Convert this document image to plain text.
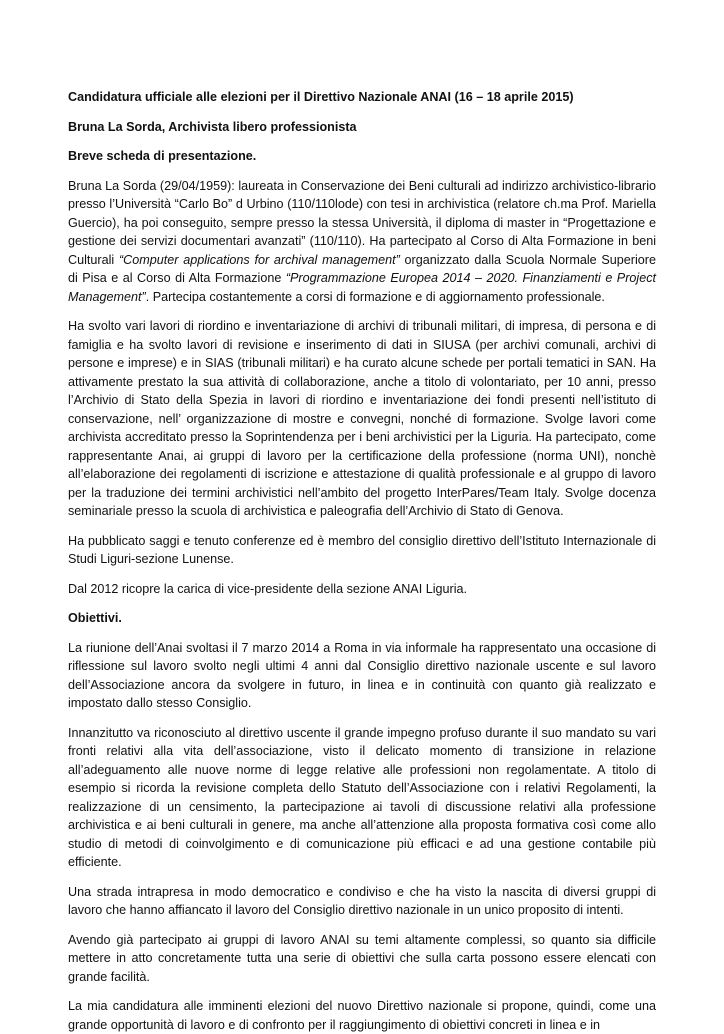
Candidatura ufficiale alle elezioni per il Direttivo Nazionale ANAI (16 – 18 aprile 2015)

Bruna La Sorda, Archivista libero professionista

Breve scheda di presentazione.

Bruna La Sorda (29/04/1959): laureata in Conservazione dei Beni culturali ad indirizzo archivistico-librario presso l’Università “Carlo Bo” d Urbino (110/110lode) con tesi in archivistica (relatore ch.ma Prof. Mariella Guercio), ha poi conseguito, sempre presso la stessa Università, il diploma di master in “Progettazione e gestione dei servizi documentari avanzati” (110/110). Ha partecipato al Corso di Alta Formazione in beni Culturali “Computer applications for archival management” organizzato dalla Scuola Normale Superiore di Pisa e al Corso di Alta Formazione “Programmazione Europea 2014 – 2020. Finanziamenti e Project Management”. Partecipa costantemente a corsi di formazione e di aggiornamento professionale.

Ha svolto vari lavori di riordino e inventariazione di archivi di tribunali militari, di impresa, di persona e di famiglia e ha svolto lavori di revisione e inserimento di dati in SIUSA (per archivi comunali, archivi di persone e imprese) e in SIAS (tribunali militari) e ha curato alcune schede per portali tematici in SAN. Ha attivamente prestato la sua attività di collaborazione, anche a titolo di volontariato, per 10 anni, presso l’Archivio di Stato della Spezia in lavori di riordino e inventariazione dei fondi presenti nell’istituto di conservazione, nell’ organizzazione di mostre e convegni, nonché di formazione. Svolge lavori come archivista accreditato presso la Soprintendenza per i beni archivistici per la Liguria. Ha partecipato, come rappresentante Anai, ai gruppi di lavoro per la certificazione della professione (norma UNI), nonchè all’elaborazione dei regolamenti di iscrizione e attestazione di qualità professionale e al gruppo di lavoro per la traduzione dei termini archivistici nell’ambito del progetto InterPares/Team Italy. Svolge docenza seminariale presso la scuola di archivistica e paleografia dell’Archivio di Stato di Genova.

Ha pubblicato saggi e tenuto conferenze ed è membro del consiglio direttivo dell’Istituto Internazionale di Studi Liguri-sezione Lunense.

Dal 2012 ricopre la carica di vice-presidente della sezione ANAI Liguria.

Obiettivi.

La riunione dell’Anai svoltasi il 7 marzo 2014 a Roma in via informale ha rappresentato una occasione di riflessione sul lavoro svolto negli ultimi 4 anni dal Consiglio direttivo nazionale uscente e sul lavoro dell’Associazione ancora da svolgere in futuro, in linea e in continuità con quanto già realizzato e impostato dallo stesso Consiglio.

Innanzitutto va riconosciuto al direttivo uscente il grande impegno profuso durante il suo mandato su vari fronti relativi alla vita dell’associazione, visto il delicato momento di transizione in relazione all’adeguamento alle nuove norme di legge relative alle professioni non regolamentate. A titolo di esempio si ricorda la revisione completa dello Statuto dell’Associazione con i relativi Regolamenti, la realizzazione di un censimento, la partecipazione ai tavoli di discussione relativi alla professione archivistica e ai beni culturali in genere, ma anche all’attenzione alla proposta formativa così come allo studio di metodi di coinvolgimento e di comunicazione più efficaci e ad una gestione contabile più efficiente.

Una strada intrapresa in modo democratico e condiviso e che ha visto la nascita di diversi gruppi di lavoro che hanno affiancato il lavoro del Consiglio direttivo nazionale in un unico proposito di intenti.

Avendo già partecipato ai gruppi di lavoro ANAI su temi altamente complessi, so quanto sia difficile mettere in atto concretamente tutta una serie di obiettivi che sulla carta possono essere elencati con grande facilità.

La mia candidatura alle imminenti elezioni del nuovo Direttivo nazionale si propone, quindi, come una grande opportunità di lavoro e di confronto per il raggiungimento di obiettivi concreti in linea e in
